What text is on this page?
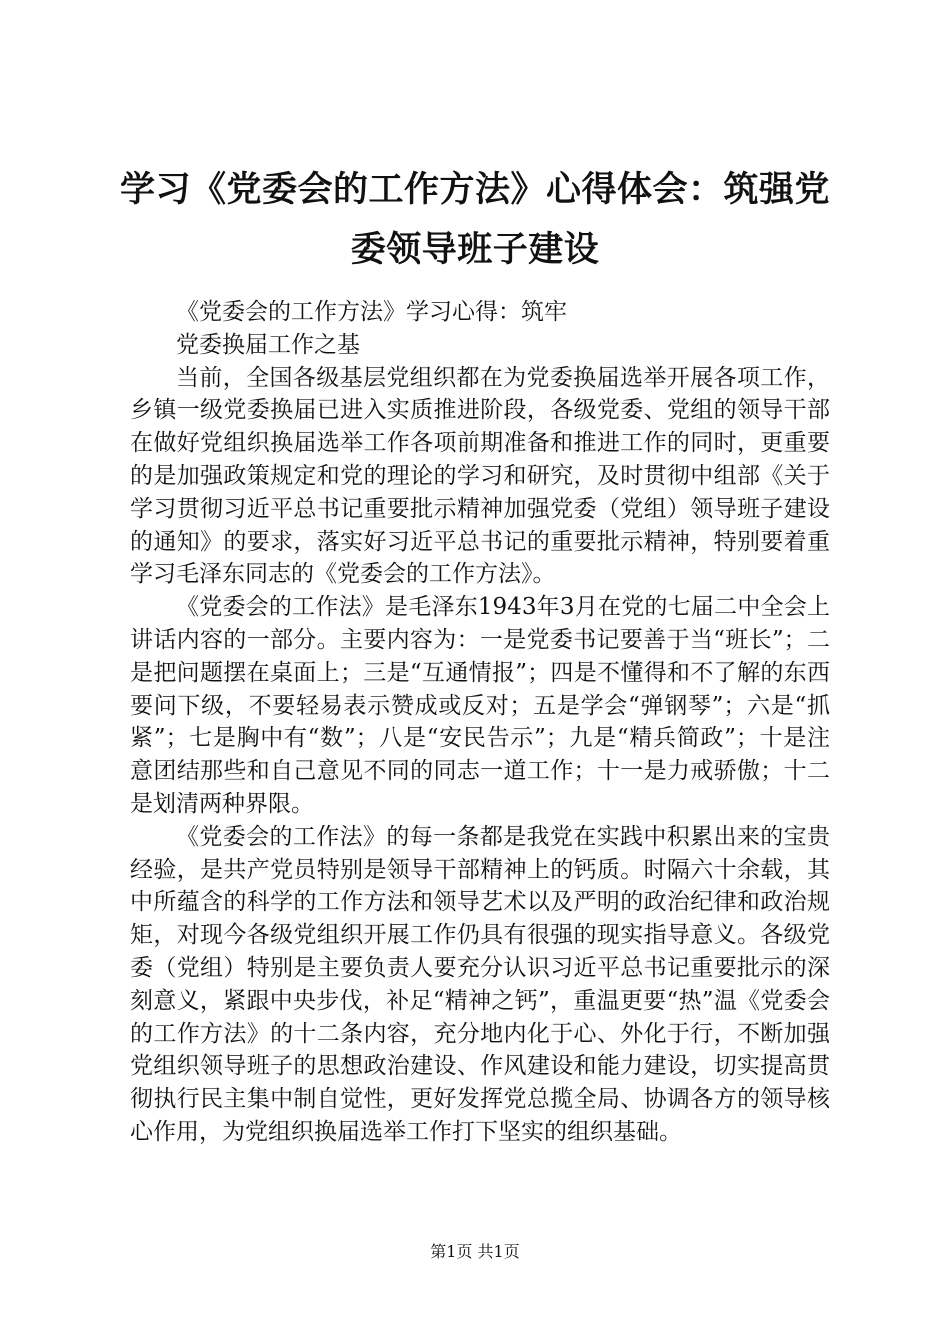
学习《党委会的工作方法》心得体会：筑强党委领导班子建设

《党委会的工作方法》学习心得：筑牢

党委换届工作之基

当前，全国各级基层党组织都在为党委换届选举开展各项工作，乡镇一级党委换届已进入实质推进阶段，各级党委、党组的领导干部在做好党组织换届选举工作各项前期准备和推进工作的同时，更重要的是加强政策规定和党的理论的学习和研究，及时贯彻中组部《关于学习贯彻习近平总书记重要批示精神加强党委（党组）领导班子建设的通知》的要求，落实好习近平总书记的重要批示精神，特别要着重学习毛泽东同志的《党委会的工作方法》。

《党委会的工作法》是毛泽东1943年3月在党的七届二中全会上讲话内容的一部分。主要内容为：一是党委书记要善于当“班长”；二是把问题摆在桌面上；三是“互通情报”；四是不懂得和不了解的东西要问下级，不要轻易表示赞成或反对；五是学会“弹钢琴”；六是“抓紧”；七是胸中有“数”；八是“安民告示”；九是“精兵简政”；十是注意团结那些和自己意见不同的同志一道工作；十一是力戒骄傲；十二是划清两种界限。

《党委会的工作法》的每一条都是我党在实践中积累出来的宝贵经验，是共产党员特别是领导干部精神上的钙质。时隔六十余载，其中所蕴含的科学的工作方法和领导艺术以及严明的政治纪律和政治规矩，对现今各级党组织开展工作仍具有很强的现实指导意义。各级党委（党组）特别是主要负责人要充分认识习近平总书记重要批示的深刻意义，紧跟中央步伐，补足“精神之钙”，重温更要“热”温《党委会的工作方法》的十二条内容，充分地内化于心、外化于行，不断加强党组织领导班子的思想政治建设、作风建设和能力建设，切实提高贯彻执行民主集中制自觉性，更好发挥党总揽全局、协调各方的领导核心作用，为党组织换届选举工作打下坚实的组织基础。

第1页 共1页
